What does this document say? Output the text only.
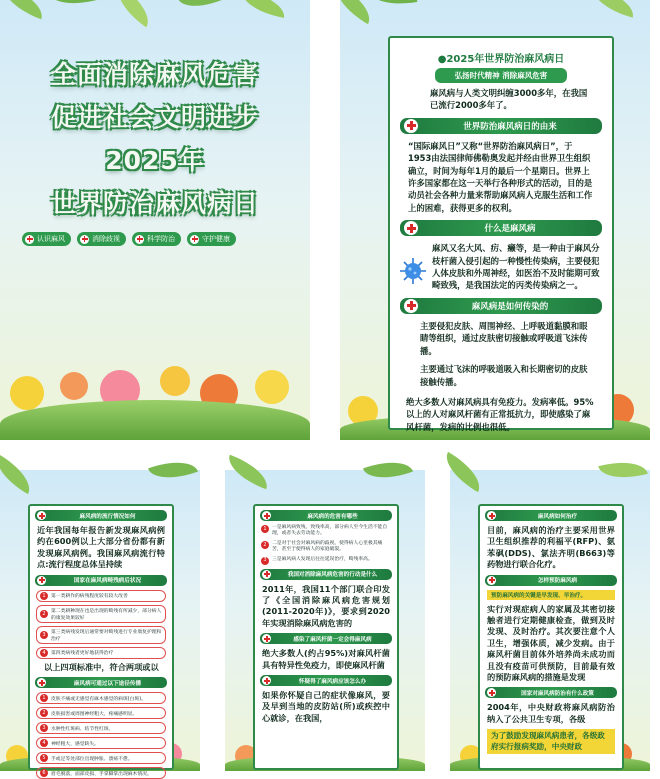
全面消除麻风危害
促进社会文明进步
2025年
世界防治麻风病日
认识麻风	消除歧视	科学防治	守护健康
●2025年世界防治麻风病日
弘扬时代精神 消除麻风危害
麻风病与人类文明纠缠3000多年，在我国已流行2000多年了。
世界防治麻风病日的由来
“国际麻风日”又称“世界防治麻风病日”，于1953由法国律师佛勒奥发起并经由世界卫生组织确立，时间为每年1月的最后一个星期日。世界上许多国家都在这一天举行各种形式的活动，目的是动员社会各种力量来帮助麻风病人克服生活和工作上的困难，获得更多的权利。
什么是麻风病
麻风又名大风、疠、癞等，是一种由于麻风分枝杆菌入侵引起的一种慢性传染病，主要侵犯人体皮肤和外周神经，如医治不及时能期可致畸致残，是我国法定的丙类传染病之一。
麻风病是如何传染的
主要侵犯皮肤、周围神经、上呼吸道黏膜和眼睛等组织，通过皮肤密切接触或呼吸道飞沫传播。
主要通过飞沫的呼吸道吸入和长期密切的皮肤接触传播。
绝大多数人对麻风病具有免疫力。发病率低。95%以上的人对麻风杆菌有正常抵抗力，即使感染了麻风杆菌，发病的比例也很低。
麻风病的流行情况如何
近年我国每年报告新发现麻风病例约在600例以上大部分省份都有新发现麻风病例。我国麻风病流行特点:流行程度总体呈持续
国家在麻风病畸残病后状况
1	第一类耕作的病残程度较有较大改善
2	第二类耕种现在也是出现的畸残有所减少，部分病人的康复效果较好
3	第三类病残发现后通常要对畸残进行专业康复护理和治疗
4	第四类病残者更好地获得治疗
以上四项标准中，符合两项或以
麻风病可通过以下途径传播
1	皮肤不痛或无感觉有麻木感觉的病斑(白斑)。
2	皮肤损害或周围神经粗大，疼痛感明显。
3	水肿性红斑病、结节性红斑。
4	神经粗大，感觉缺失。
5	手或足等处部位出现肿胀、溃疡不愈。
6	眉毛脱落，面部皮损、手掌脚掌出现麻木情况。
麻风病的危害有哪些
1	一是麻风病致残，致残率高，部分病人至今生活不能自理，或者失去劳动能力。
2	二是对于社会对麻风病的歧视，使得病人心里极其痛苦，甚至于使得病人的家庭破裂。
3	三是麻风病人发现后往往延误治疗，畸残率高。
我国对消除麻风病危害的行动是什么
2011年，我国11个部门联合印发了《全国消除麻风病危害规划(2011-2020年)》，要求到2020年实现消除麻风病危害的
感染了麻风杆菌一定会得麻风病
绝大多数人(约占95%)对麻风杆菌具有特异性免疫力，即使麻风杆菌
怀疑得了麻风病应该怎么办
如果你怀疑自己的症状像麻风，要及早到当地的皮防站(所)或疾控中心就诊，在我国，
麻风病如何治疗
目前，麻风病的治疗主要采用世界卫生组织推荐的利福平(RFP)、氨苯砜(DDS)、氯法齐明(B663)等药物进行联合化疗。
怎样预防麻风病
预防麻风病的关键是早发现、早治疗。
实行对现症病人的家属及其密切接触者进行定期健康检查，做到及时发现、及时治疗。其次要注意个人卫生，增强体质，减少发病。由于麻风杆菌目前体外培养尚未成功而且没有疫苗可供预防，目前最有效的预防麻风病的措施是发现
国家对麻风病防治有什么政策
2004年，中央财政将麻风病防治纳入了公共卫生专项，各级
为了鼓励发现麻风病患者，各级政府实行报病奖励，中央财政
